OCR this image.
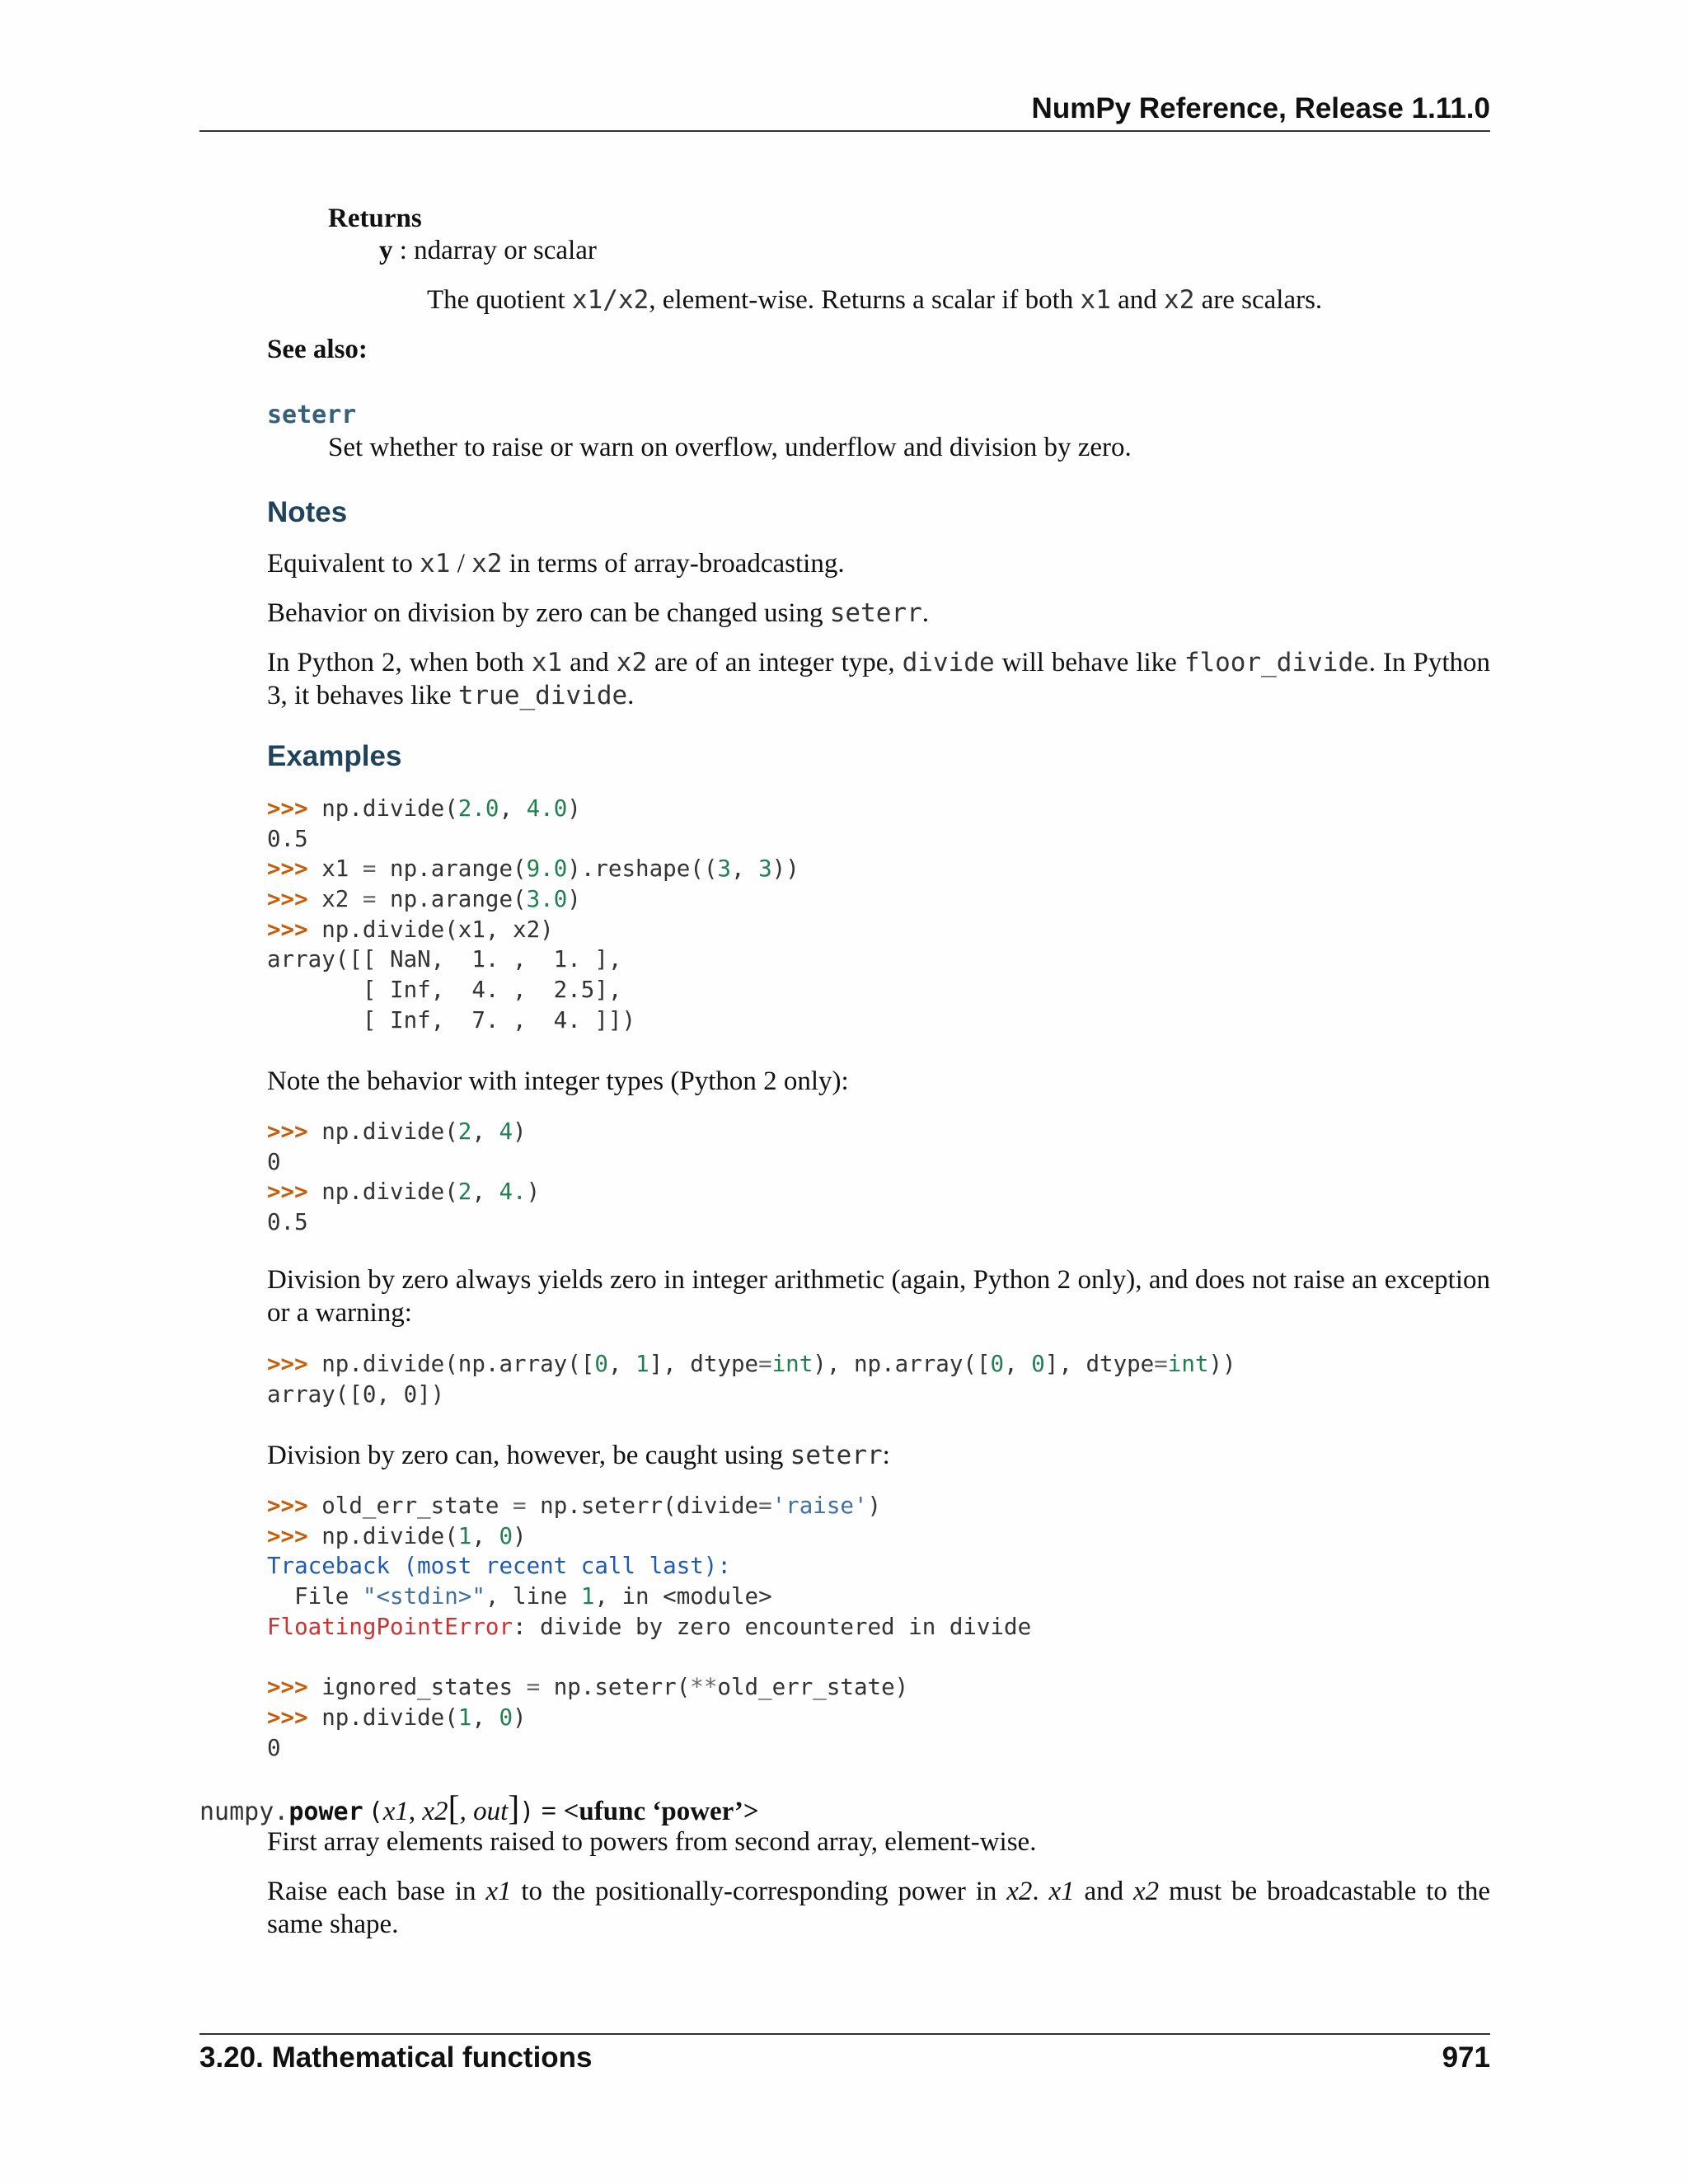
NumPy Reference, Release 1.11.0
Returns
y : ndarray or scalar
The quotient x1/x2, element-wise. Returns a scalar if both x1 and x2 are scalars.
See also:
seterr
Set whether to raise or warn on overflow, underflow and division by zero.
Notes
Equivalent to x1 / x2 in terms of array-broadcasting.
Behavior on division by zero can be changed using seterr.
In Python 2, when both x1 and x2 are of an integer type, divide will behave like floor_divide. In Python 3, it behaves like true_divide.
Examples
>>> np.divide(2.0, 4.0)
0.5
>>> x1 = np.arange(9.0).reshape((3, 3))
>>> x2 = np.arange(3.0)
>>> np.divide(x1, x2)
array([[ NaN,  1. ,  1. ],
[ Inf,  4. ,  2.5],
[ Inf,  7. ,  4. ]])
Note the behavior with integer types (Python 2 only):
>>> np.divide(2, 4)
0
>>> np.divide(2, 4.)
0.5
Division by zero always yields zero in integer arithmetic (again, Python 2 only), and does not raise an exception or a warning:
>>> np.divide(np.array([0, 1], dtype=int), np.array([0, 0], dtype=int))
array([0, 0])
Division by zero can, however, be caught using seterr:
>>> old_err_state = np.seterr(divide='raise')
>>> np.divide(1, 0)
Traceback (most recent call last):
File "<stdin>", line 1, in <module>
FloatingPointError: divide by zero encountered in divide
>>> ignored_states = np.seterr(**old_err_state)
>>> np.divide(1, 0)
0
numpy.power (x1, x2[, out]) = <ufunc ‘power’>
First array elements raised to powers from second array, element-wise.
Raise each base in x1 to the positionally-corresponding power in x2. x1 and x2 must be broadcastable to the same shape.
3.20. Mathematical functions	971
